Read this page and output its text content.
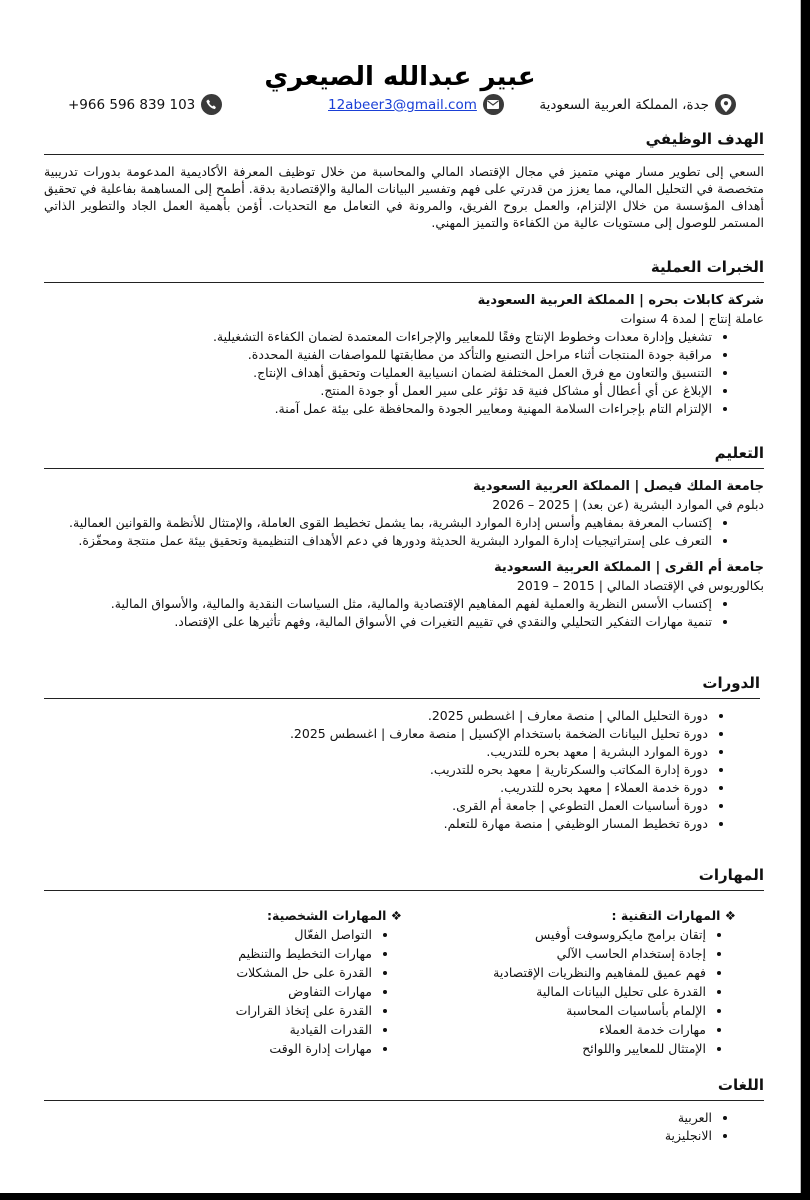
عبير عبدالله الصيعري
جدة، المملكة العربية السعودية
12abeer3@gmail.com
+966 596 839 103
الهدف الوظيفي
السعي إلى تطوير مسار مهني متميز في مجال الإقتصاد المالي والمحاسبة من خلال توظيف المعرفة الأكاديمية المدعومة بدورات تدريبية متخصصة في التحليل المالي، مما يعزز من قدرتي على فهم وتفسير البيانات المالية والإقتصادية بدقة. أطمح إلى المساهمة بفاعلية في تحقيق أهداف المؤسسة من خلال الإلتزام، والعمل بروح الفريق، والمرونة في التعامل مع التحديات. أؤمن بأهمية العمل الجاد والتطوير الذاتي المستمر للوصول إلى مستويات عالية من الكفاءة والتميز المهني.
الخبرات العملية
شركة كابلات بحره | المملكة العربية السعودية
عاملة إنتاج | لمدة 4 سنوات
• تشغيل وإدارة معدات وخطوط الإنتاج وفقًا للمعايير والإجراءات المعتمدة لضمان الكفاءة التشغيلية.
• مراقبة جودة المنتجات أثناء مراحل التصنيع والتأكد من مطابقتها للمواصفات الفنية المحددة.
• التنسيق والتعاون مع فرق العمل المختلفة لضمان انسيابية العمليات وتحقيق أهداف الإنتاج.
• الإبلاغ عن أي أعطال أو مشاكل فنية قد تؤثر على سير العمل أو جودة المنتج.
• الإلتزام التام بإجراءات السلامة المهنية ومعايير الجودة والمحافظة على بيئة عمل آمنة.
التعليم
جامعة الملك فيصل | المملكة العربية السعودية
دبلوم في الموارد البشرية (عن بعد) | 2025 – 2026
• إكتساب المعرفة بمفاهيم وأسس إدارة الموارد البشرية، بما يشمل تخطيط القوى العاملة، والإمتثال للأنظمة والقوانين العمالية.
• التعرف على إستراتيجيات إدارة الموارد البشرية الحديثة ودورها في دعم الأهداف التنظيمية وتحقيق بيئة عمل منتجة ومحفّزة.
جامعة أم القرى | المملكة العربية السعودية
بكالوريوس في الإقتصاد المالي | 2015 – 2019
• إكتساب الأسس النظرية والعملية لفهم المفاهيم الإقتصادية والمالية، مثل السياسات النقدية والمالية، والأسواق المالية.
• تنمية مهارات التفكير التحليلي والنقدي في تقييم التغيرات في الأسواق المالية، وفهم تأثيرها على الإقتصاد.
الدورات
• دورة التحليل المالي | منصة معارف | اغسطس 2025.
• دورة تحليل البيانات الضخمة باستخدام الإكسيل | منصة معارف | اغسطس 2025.
• دورة الموارد البشرية | معهد بحره للتدريب.
• دورة إدارة المكاتب والسكرتارية | معهد بحره للتدريب.
• دورة خدمة العملاء | معهد بحره للتدريب.
• دورة أساسيات العمل التطوعي | جامعة أم القرى.
• دورة تخطيط المسار الوظيفي | منصة مهارة للتعلم.
المهارات
❖ المهارات التقنية :
• إتقان برامج مايكروسوفت أوفيس
• إجادة إستخدام الحاسب الآلي
• فهم عميق للمفاهيم والنظريات الإقتصادية
• القدرة على تحليل البيانات المالية
• الإلمام بأساسيات المحاسبة
• مهارات خدمة العملاء
• الإمتثال للمعايير واللوائح
❖ المهارات الشخصية:
• التواصل الفعّال
• مهارات التخطيط والتنظيم
• القدرة على حل المشكلات
• مهارات التفاوض
• القدرة على إتخاذ القرارات
• القدرات القيادية
• مهارات إدارة الوقت
اللغات
• العربية
• الانجليزية
